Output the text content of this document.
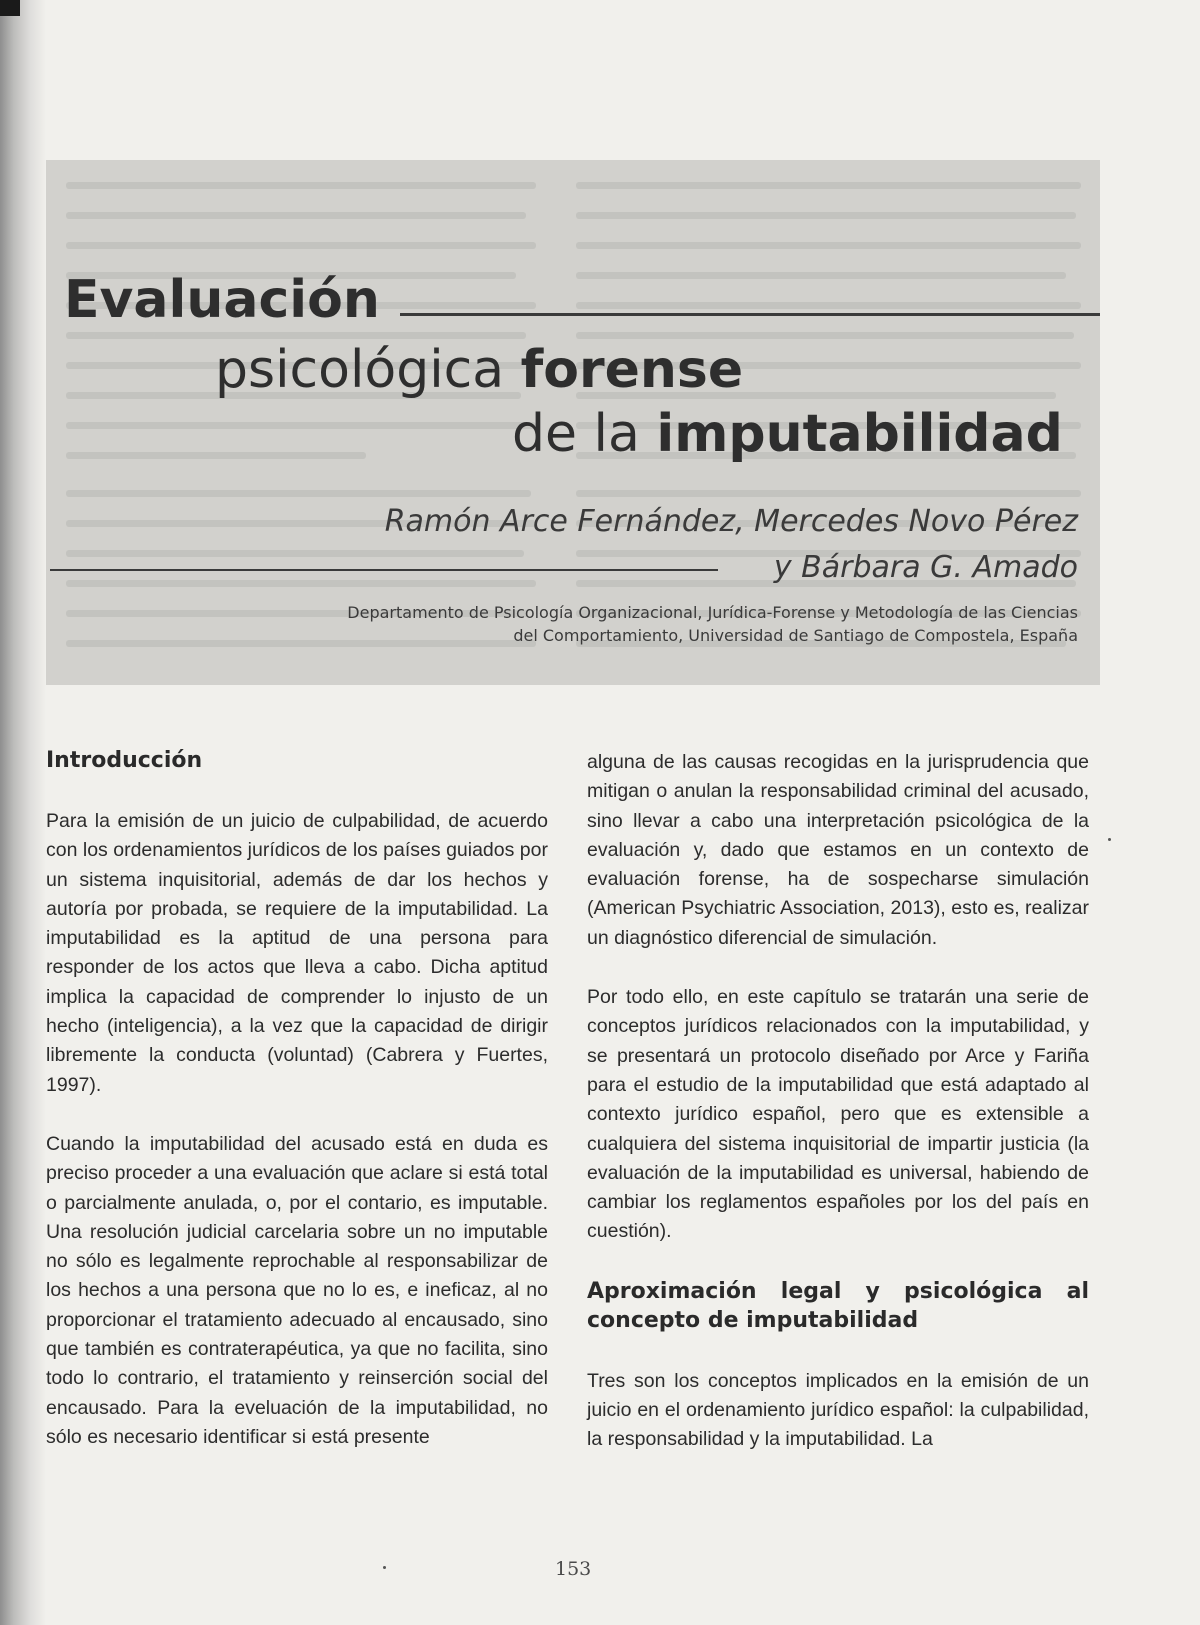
Evaluación
psicológica forense
de la imputabilidad
Ramón Arce Fernández, Mercedes Novo Pérez
y Bárbara G. Amado
Departamento de Psicología Organizacional, Jurídica-Forense y Metodología de las Ciencias del Comportamiento, Universidad de Santiago de Compostela, España
Introducción

Para la emisión de un juicio de culpabilidad, de acuerdo con los ordenamientos jurídicos de los países guiados por un sistema inquisitorial, además de dar los hechos y autoría por probada, se requiere de la imputabilidad. La imputabilidad es la aptitud de una persona para responder de los actos que lleva a cabo. Dicha aptitud implica la capacidad de comprender lo injusto de un hecho (inteligencia), a la vez que la capacidad de dirigir libremente la conducta (voluntad) (Cabrera y Fuertes, 1997).

Cuando la imputabilidad del acusado está en duda es preciso proceder a una evaluación que aclare si está total o parcialmente anulada, o, por el contario, es imputable. Una resolución judicial carcelaria sobre un no imputable no sólo es legalmente reprochable al responsabilizar de los hechos a una persona que no lo es, e ineficaz, al no proporcionar el tratamiento adecuado al encausado, sino que también es contraterapéutica, ya que no facilita, sino todo lo contrario, el tratamiento y reinserción social del encausado. Para la eveluación de la imputabilidad, no sólo es necesario identificar si está presente

alguna de las causas recogidas en la jurisprudencia que mitigan o anulan la responsabilidad criminal del acusado, sino llevar a cabo una interpretación psicológica de la evaluación y, dado que estamos en un contexto de evaluación forense, ha de sospecharse simulación (American Psychiatric Association, 2013), esto es, realizar un diagnóstico diferencial de simulación.

Por todo ello, en este capítulo se tratarán una serie de conceptos jurídicos relacionados con la imputabilidad, y se presentará un protocolo diseñado por Arce y Fariña para el estudio de la imputabilidad que está adaptado al contexto jurídico español, pero que es extensible a cualquiera del sistema inquisitorial de impartir justicia (la evaluación de la imputabilidad es universal, habiendo de cambiar los reglamentos españoles por los del país en cuestión).

Aproximación legal y psicológica al concepto de imputabilidad

Tres son los conceptos implicados en la emisión de un juicio en el ordenamiento jurídico español: la culpabilidad, la responsabilidad y la imputabilidad. La

153
